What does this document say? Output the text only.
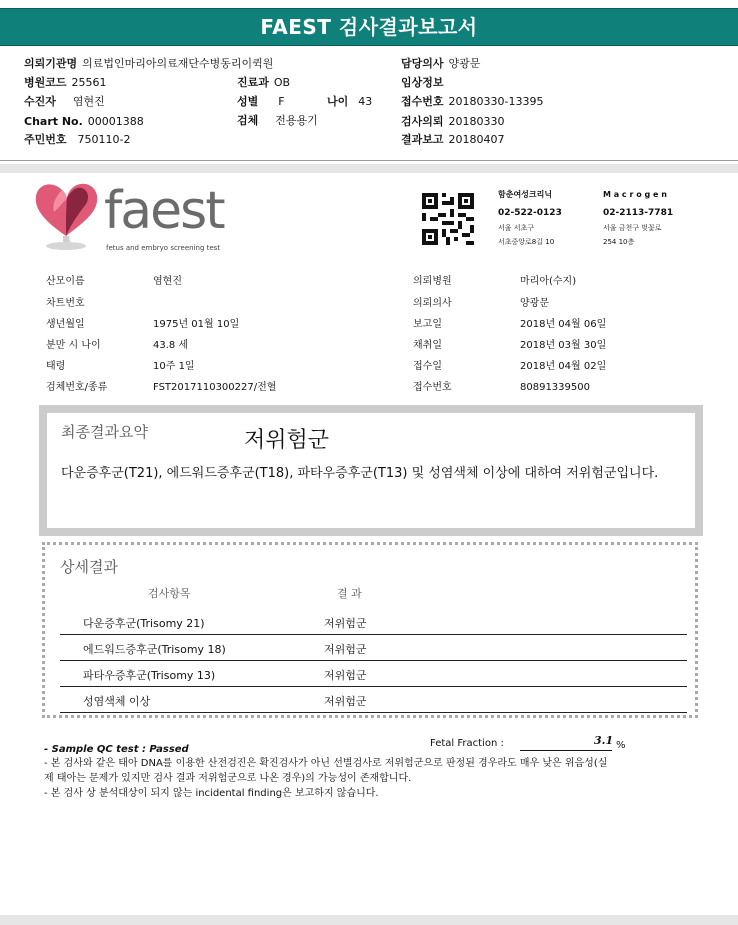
FAEST 검사결과보고서
의뢰기관명 의료법인마리아의료재단수병동리이퀵원
병원코드 25561
수진자 염현진
Chart No. 00001388
주민번호 750110-2
진료과 OB
성별 F	나이 43
검체 전용용기
담당의사 양광문
임상정보
접수번호 20180330-13395
검사의뢰 20180330
결과보고 20180407
faest
fetus and embryo screening test
함춘여성크리닉
02-522-0123
서울 서초구
서초중앙로8길 10
M a c r o g e n
02-2113-7781
서울 금천구 벚꽃로
254 10층
산모이름	염현진
차트번호
생년월일	1975년 01월 10일
분만 시 나이	43.8 세
태령	10주 1일
검체번호/종류	FST2017110300227/전혈
의뢰병원	마리아(수지)
의뢰의사	양광문
보고일	2018년 04월 06일
채취일	2018년 03월 30일
접수일	2018년 04월 02일
접수번호	80891339500
최종결과요약	저위험군
다운증후군(T21), 에드워드증후군(T18), 파타우증후군(T13) 및 성염색체 이상에 대하여 저위험군입니다.
상세결과
검사항목	결 과
다운증후군(Trisomy 21)	저위험군
에드워드증후군(Trisomy 18)	저위험군
파타우증후군(Trisomy 13)	저위험군
성염색체 이상	저위험군
- Sample QC test : Passed
Fetal Fraction :	3.1 %
- 본 검사와 같은 태아 DNA를 이용한 산전검진은 확진검사가 아닌 선별검사로 저위험군으로 판정된 경우라도 매우 낮은 위음성(실
제 태아는 문제가 있지만 검사 결과 저위험군으로 나온 경우)의 가능성이 존재합니다.
- 본 검사 상 분석대상이 되지 않는 incidental finding은 보고하지 않습니다.
